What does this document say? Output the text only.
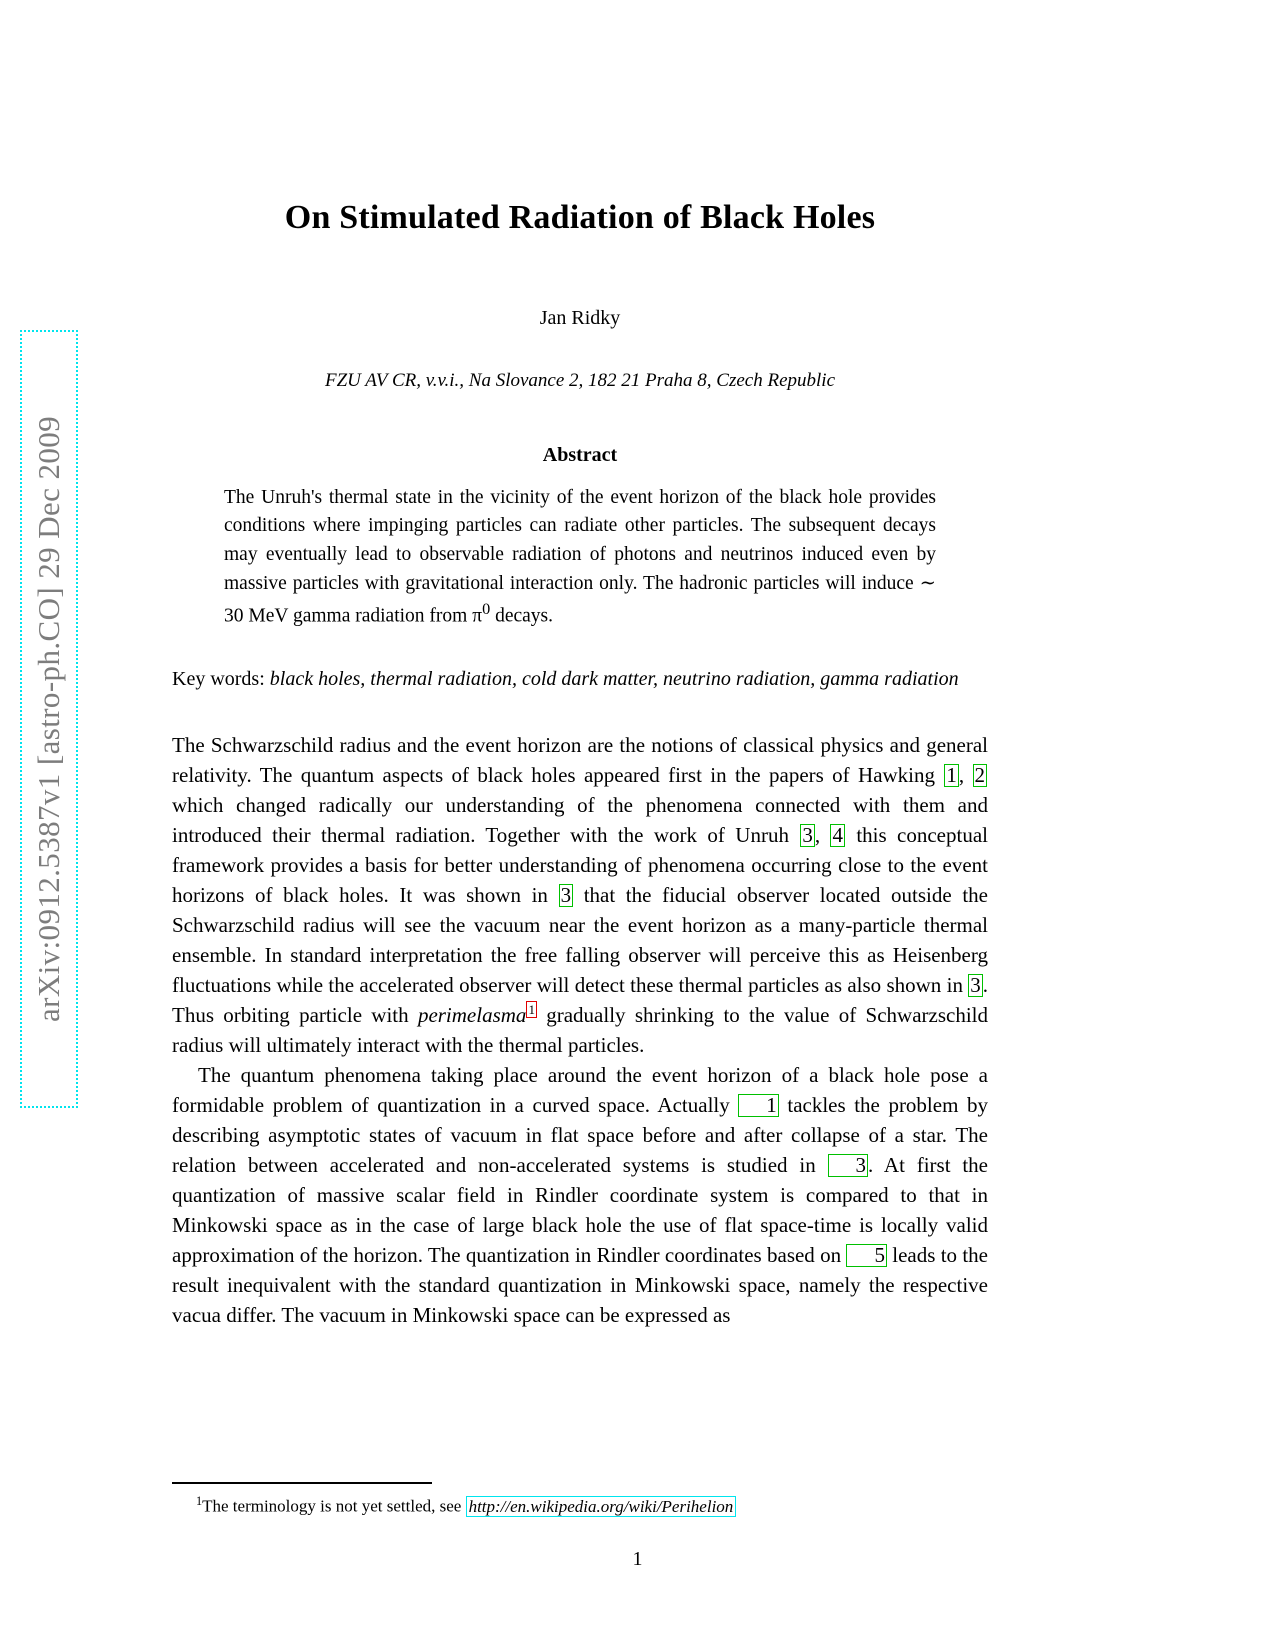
arXiv:0912.5387v1 [astro-ph.CO] 29 Dec 2009
On Stimulated Radiation of Black Holes
Jan Ridky
FZU AV CR, v.v.i., Na Slovance 2, 182 21 Praha 8, Czech Republic
Abstract
The Unruh's thermal state in the vicinity of the event horizon of the black hole provides conditions where impinging particles can radiate other particles. The subsequent decays may eventually lead to observable radiation of photons and neutrinos induced even by massive particles with gravitational interaction only. The hadronic particles will induce ∼ 30 MeV gamma radiation from $\pi^0$ decays.
Key words: black holes, thermal radiation, cold dark matter, neutrino radiation, gamma radiation

The Schwarzschild radius and the event horizon are the notions of classical physics and general relativity. The quantum aspects of black holes appeared first in the papers of Hawking 1, 2 which changed radically our understanding of the phenomena connected with them and introduced their thermal radiation. Together with the work of Unruh 3, 4 this conceptual framework provides a basis for better understanding of phenomena occurring close to the event horizons of black holes. It was shown in 3 that the fiducial observer located outside the Schwarzschild radius will see the vacuum near the event horizon as a many-particle thermal ensemble. In standard interpretation the free falling observer will perceive this as Heisenberg fluctuations while the accelerated observer will detect these thermal particles as also shown in 3. Thus orbiting particle with perimelasma $^1$ gradually shrinking to the value of Schwarzschild radius will ultimately interact with the thermal particles.

The quantum phenomena taking place around the event horizon of a black hole pose a formidable problem of quantization in a curved space. Actually 1 tackles the problem by describing asymptotic states of vacuum in flat space before and after collapse of a star. The relation between accelerated and non-accelerated systems is studied in 3. At first the quantization of massive scalar field in Rindler coordinate system is compared to that in Minkowski space as in the case of large black hole the use of flat space-time is locally valid approximation of the horizon. The quantization in Rindler coordinates based on 5 leads to the result inequivalent with the standard quantization in Minkowski space, namely the respective vacua differ. The vacuum in Minkowski space can be expressed as

$^1$The terminology is not yet settled, see http://en.wikipedia.org/wiki/Perihelion
1
